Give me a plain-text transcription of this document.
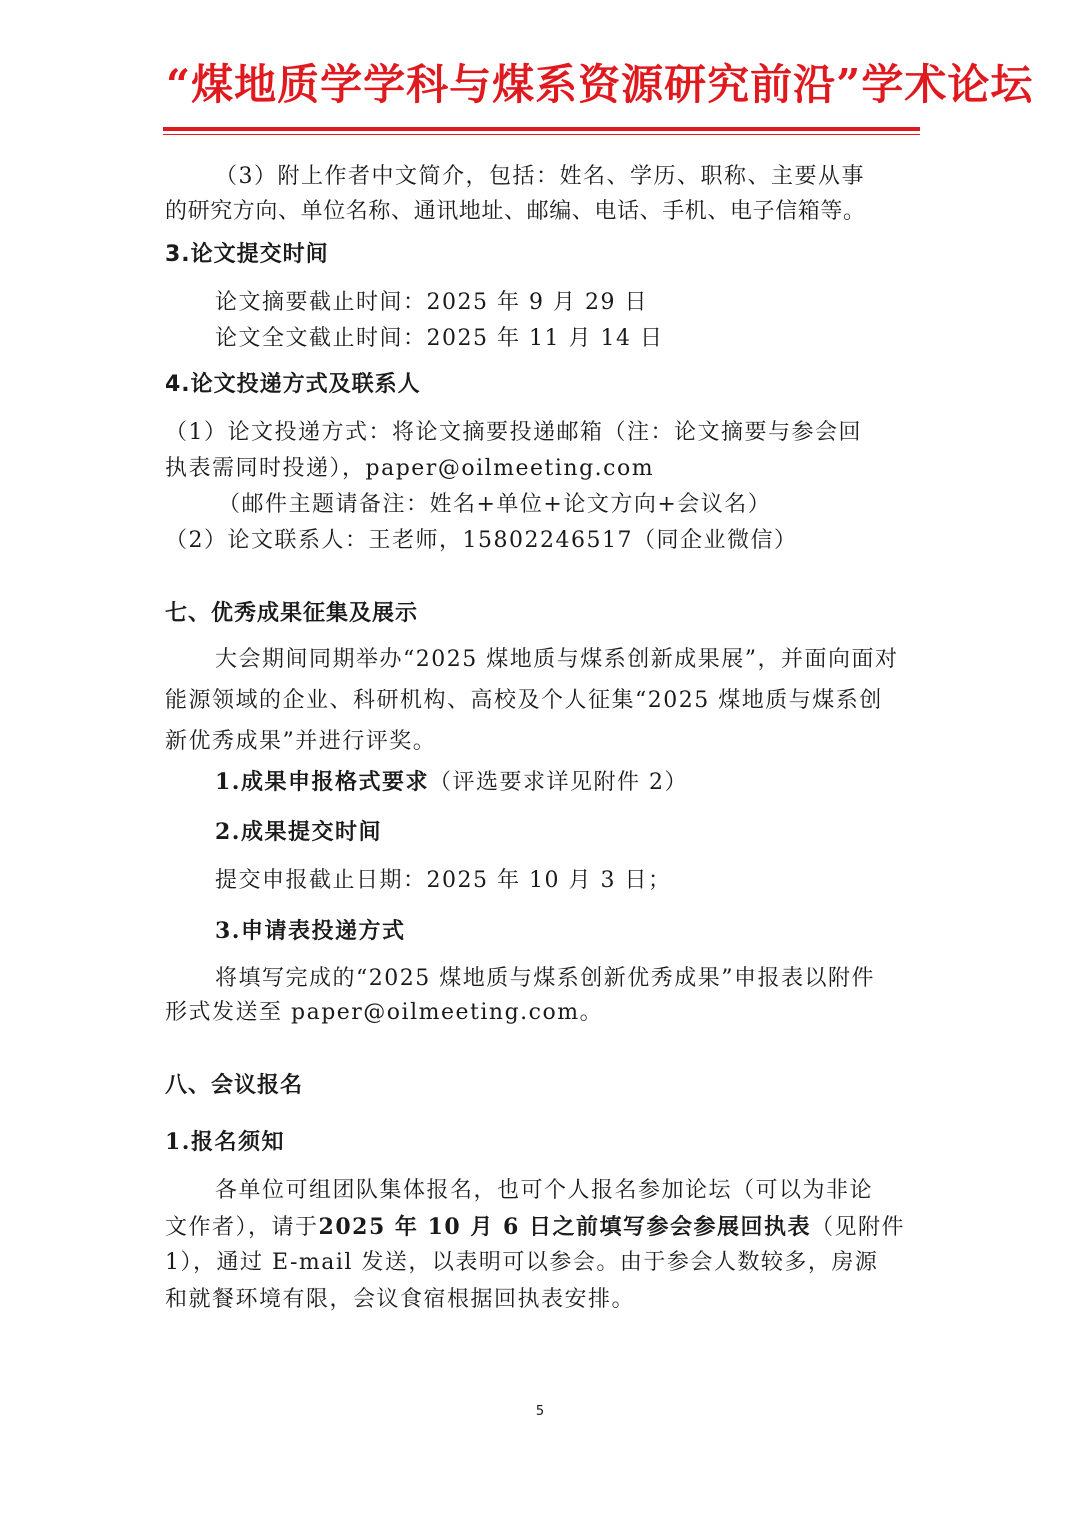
“煤地质学学科与煤系资源研究前沿”学术论坛
（3）附上作者中文简介，包括：姓名、学历、职称、主要从事
的研究方向、单位名称、通讯地址、邮编、电话、手机、电子信箱等。
3.论文提交时间
论文摘要截止时间：2025 年 9 月 29 日
论文全文截止时间：2025 年 11 月 14 日
4.论文投递方式及联系人
（1）论文投递方式：将论文摘要投递邮箱（注：论文摘要与参会回
执表需同时投递），paper@oilmeeting.com
（邮件主题请备注：姓名+单位+论文方向+会议名）
（2）论文联系人：王老师，15802246517（同企业微信）
七、优秀成果征集及展示
大会期间同期举办“2025 煤地质与煤系创新成果展”，并面向面对
能源领域的企业、科研机构、高校及个人征集“2025 煤地质与煤系创
新优秀成果”并进行评奖。
1.成果申报格式要求（评选要求详见附件 2）
2.成果提交时间
提交申报截止日期：2025 年 10 月 3 日；
3.申请表投递方式
将填写完成的“2025 煤地质与煤系创新优秀成果”申报表以附件
形式发送至 paper@oilmeeting.com。
八、会议报名
1.报名须知
各单位可组团队集体报名，也可个人报名参加论坛（可以为非论
文作者），请于2025 年 10 月 6 日之前填写参会参展回执表（见附件
1），通过 E-mail 发送，以表明可以参会。由于参会人数较多，房源
和就餐环境有限，会议食宿根据回执表安排。
5
